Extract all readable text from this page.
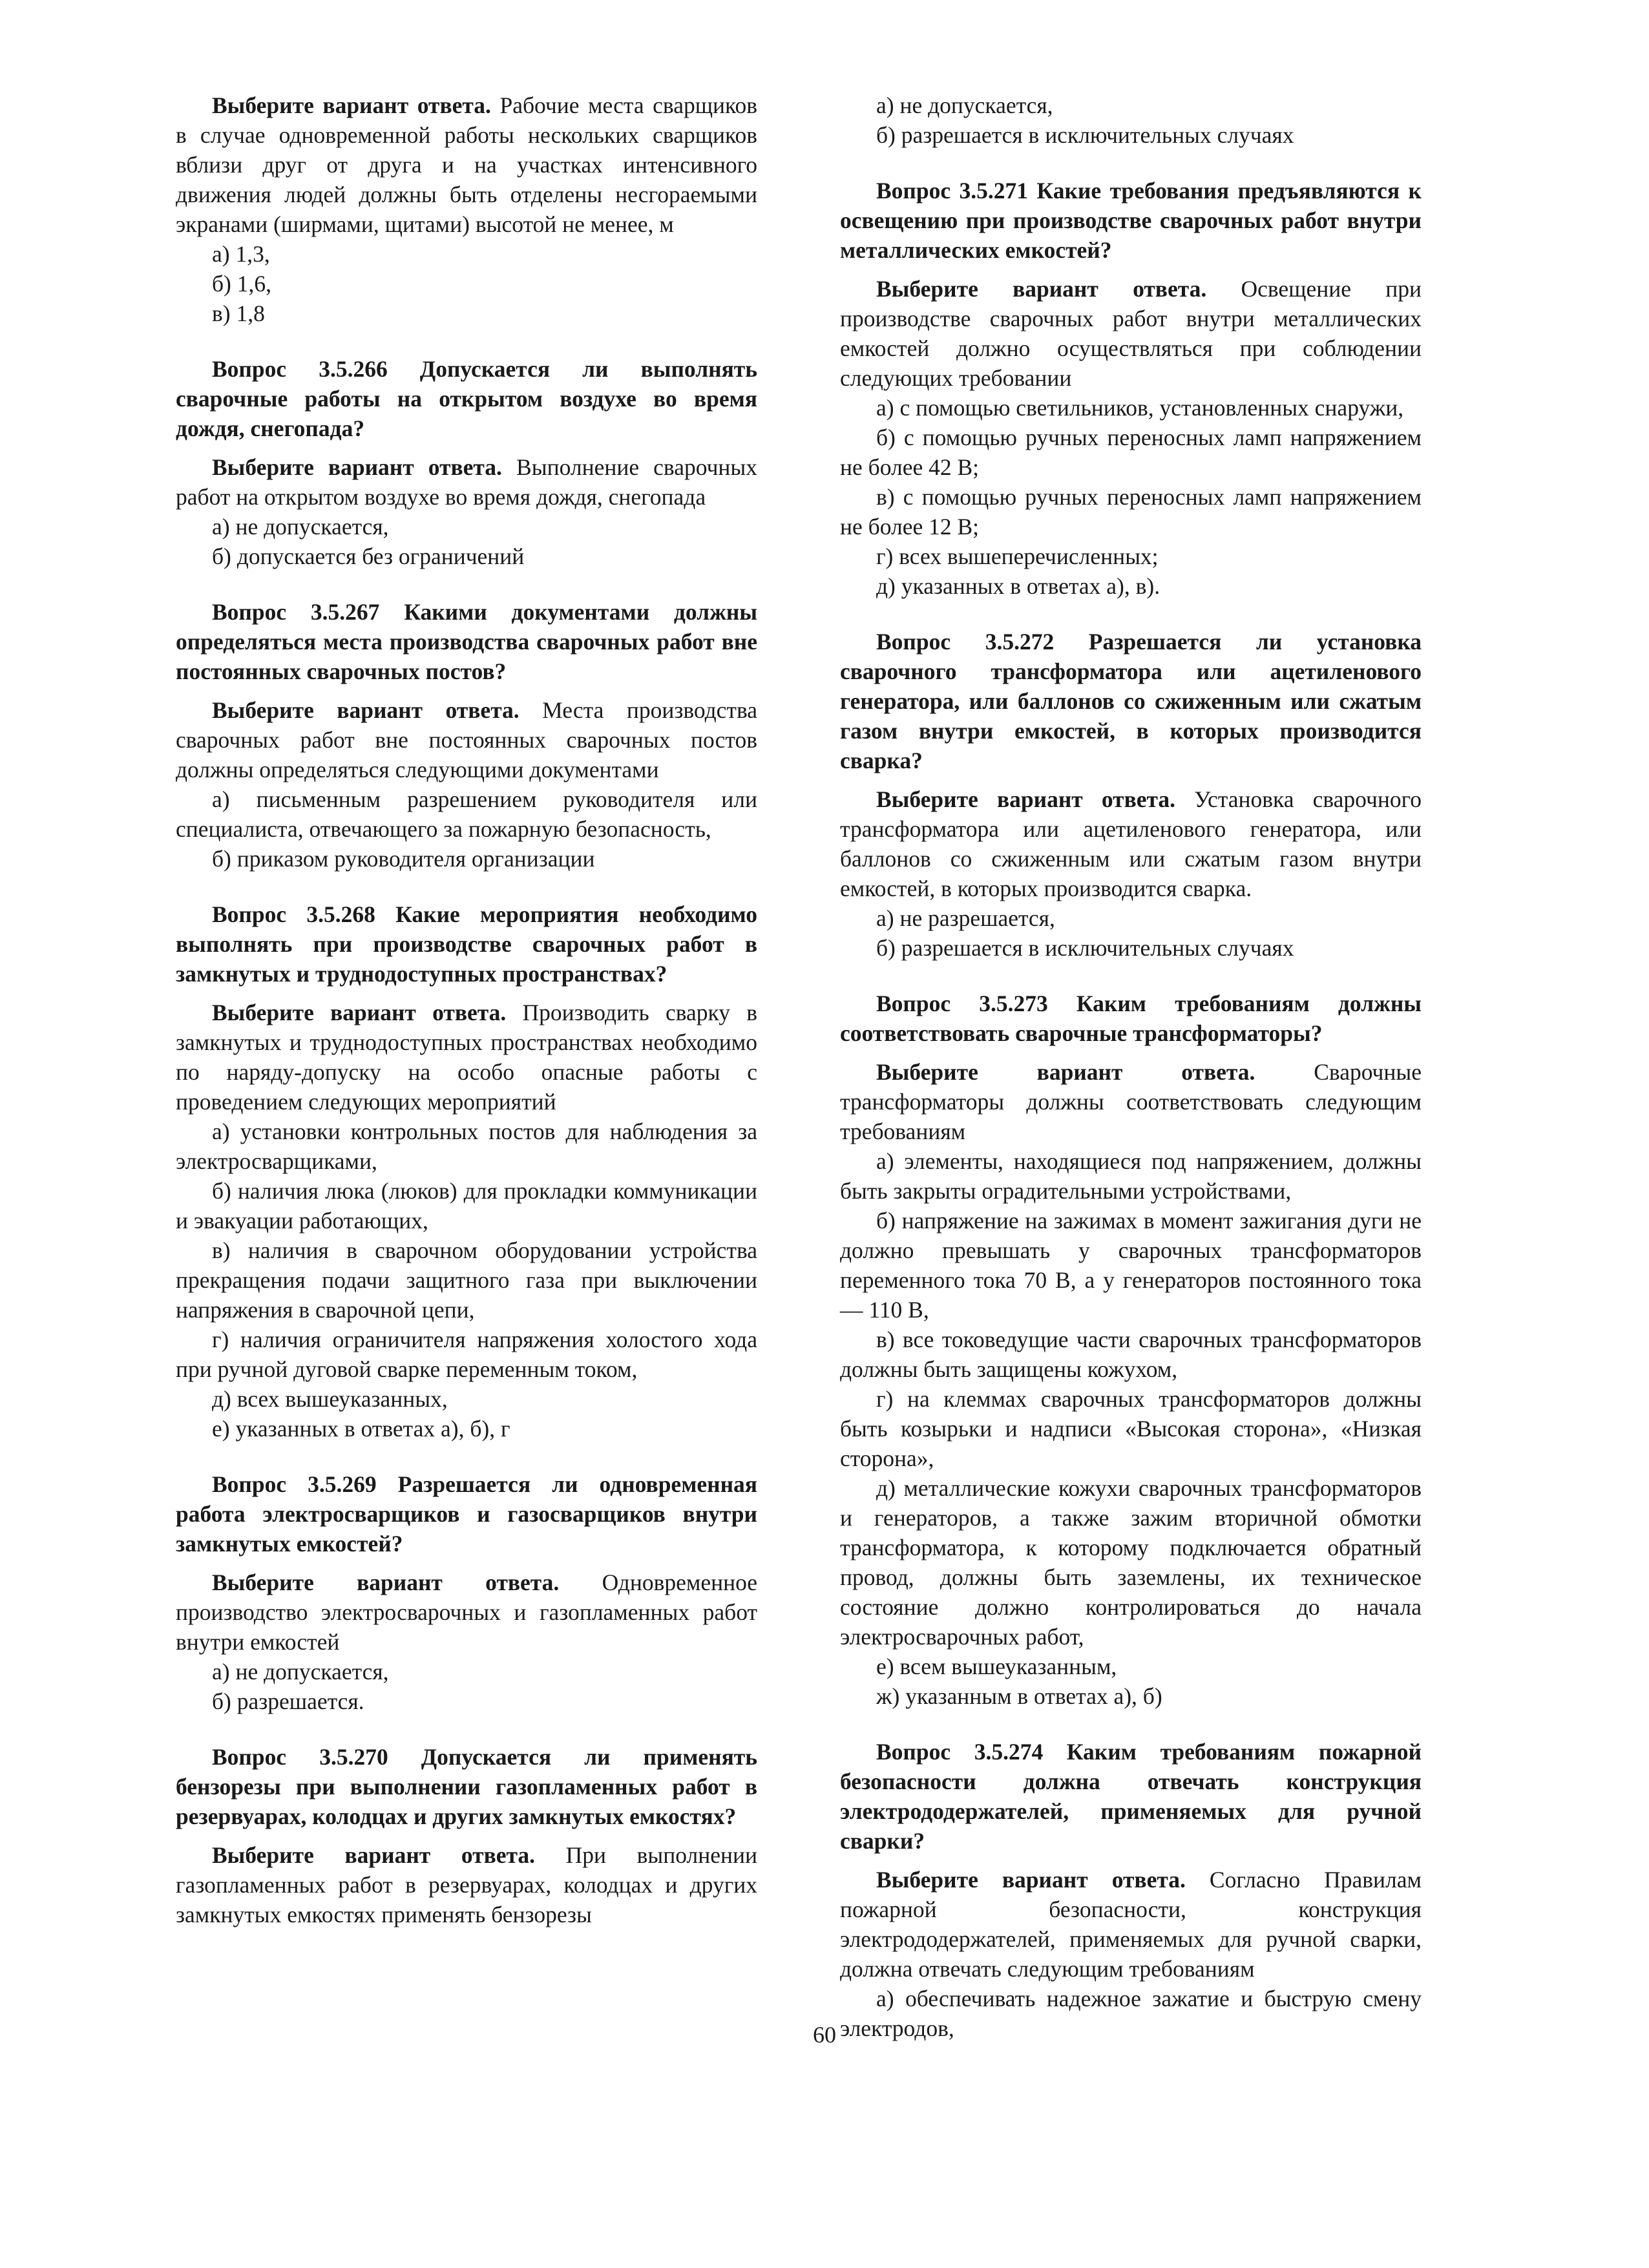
Выберите вариант ответа. Рабочие места сварщиков в случае одновременной работы нескольких сварщиков вблизи друг от друга и на участках интенсивного движения людей должны быть отделены несгораемыми экранами (ширмами, щитами) высотой не менее, м

а) 1,3,

б) 1,6,

в) 1,8

Вопрос 3.5.266 Допускается ли выполнять сварочные работы на открытом воздухе во время дождя, снегопада?

Выберите вариант ответа. Выполнение сварочных работ на открытом воздухе во время дождя, снегопада

а) не допускается,

б) допускается без ограничений

Вопрос 3.5.267 Какими документами должны определяться места производства сварочных работ вне постоянных сварочных постов?

Выберите вариант ответа. Места производства сварочных работ вне постоянных сварочных постов должны определяться следующими документами

а) письменным разрешением руководителя или специалиста, отвечающего за пожарную безопасность,

б) приказом руководителя организации

Вопрос 3.5.268 Какие мероприятия необходимо выполнять при производстве сварочных работ в замкнутых и труднодоступных пространствах?

Выберите вариант ответа. Производить сварку в замкнутых и труднодоступных пространствах необходимо по наряду-допуску на особо опасные работы с проведением следующих мероприятий

а) установки контрольных постов для наблюдения за электросварщиками,

б) наличия люка (люков) для прокладки коммуникации и эвакуации работающих,

в) наличия в сварочном оборудовании устройства прекращения подачи защитного газа при выключении напряжения в сварочной цепи,

г) наличия ограничителя напряжения холостого хода при ручной дуговой сварке переменным током,

д) всех вышеуказанных,

е) указанных в ответах а), б), г

Вопрос 3.5.269 Разрешается ли одновременная работа электросварщиков и газосварщиков внутри замкнутых емкостей?

Выберите вариант ответа. Одновременное производство электросварочных и газопламенных работ внутри емкостей

а) не допускается,

б) разрешается.

Вопрос 3.5.270 Допускается ли применять бензорезы при выполнении газопламенных работ в резервуарах, колодцах и других замкнутых емкостях?

Выберите вариант ответа. При выполнении газопламенных работ в резервуарах, колодцах и других замкнутых емкостях применять бензорезы

а) не допускается,

б) разрешается в исключительных случаях

Вопрос 3.5.271 Какие требования предъявляются к освещению при производстве сварочных работ внутри металлических емкостей?

Выберите вариант ответа. Освещение при производстве сварочных работ внутри металлических емкостей должно осуществляться при соблюдении следующих требовании

а) с помощью светильников, установленных снаружи,

б) с помощью ручных переносных ламп напряжением не более 42 В;

в) с помощью ручных переносных ламп напряжением не более 12 В;

г) всех вышеперечисленных;

д) указанных в ответах а), в).

Вопрос 3.5.272 Разрешается ли установка сварочного трансформатора или ацетиленового генератора, или баллонов со сжиженным или сжатым газом внутри емкостей, в которых производится сварка?

Выберите вариант ответа. Установка сварочного трансформатора или ацетиленового генератора, или баллонов со сжиженным или сжатым газом внутри емкостей, в которых производится сварка.

а) не разрешается,

б) разрешается в исключительных случаях

Вопрос 3.5.273 Каким требованиям должны соответствовать сварочные трансформаторы?

Выберите вариант ответа.	Сварочные трансформаторы должны соответствовать следующим требованиям

а) элементы, находящиеся под напряжением, должны быть закрыты оградительными устройствами,

б) напряжение на зажимах в момент зажигания дуги не должно превышать у сварочных трансформаторов переменного тока 70 В, а у генераторов постоянного тока — 110 В,

в) все токоведущие части сварочных трансформаторов должны быть защищены кожухом,

г) на клеммах сварочных трансформаторов должны быть козырьки и надписи «Высокая сторона», «Низкая сторона»,

д) металлические кожухи сварочных трансформаторов и генераторов, а также зажим вторичной обмотки трансформатора, к которому подключается обратный провод, должны быть заземлены, их техническое состояние должно контролироваться до начала электросварочных работ,

е) всем вышеуказанным,

ж) указанным в ответах а), б)

Вопрос 3.5.274 Каким требованиям пожарной безопасности должна отвечать конструкция электрододержателей, применяемых для ручной сварки?

Выберите вариант ответа. Согласно Правилам пожарной безопасности, конструкция электрододержателей, применяемых для ручной сварки, должна отвечать следующим требованиям

а) обеспечивать надежное зажатие и быструю смену электродов,

60
